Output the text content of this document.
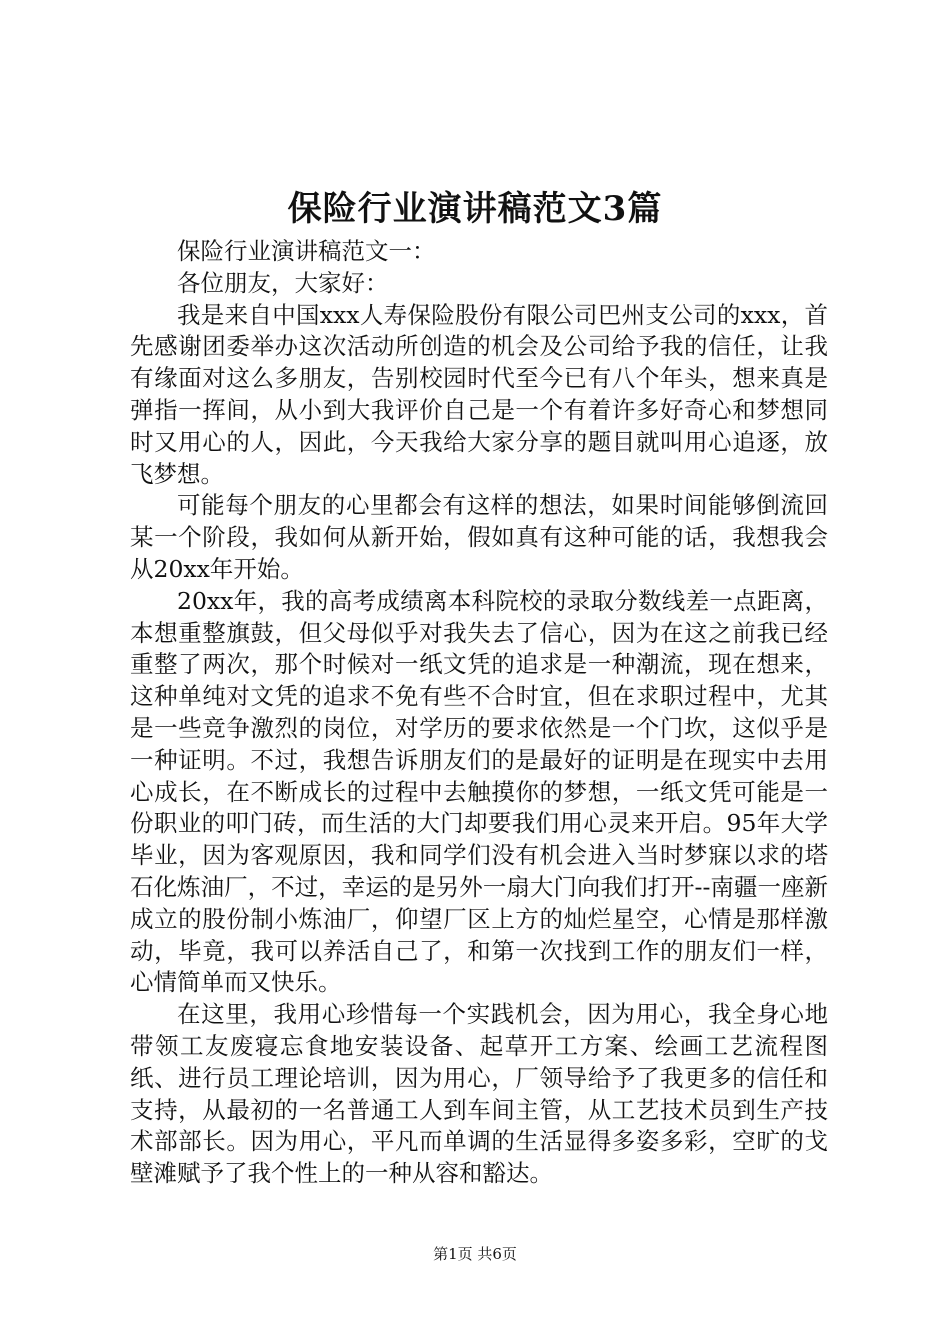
保险行业演讲稿范文3篇

保险行业演讲稿范文一：

各位朋友，大家好：

我是来自中国xxx人寿保险股份有限公司巴州支公司的xxx，首先感谢团委举办这次活动所创造的机会及公司给予我的信任，让我有缘面对这么多朋友，告别校园时代至今已有八个年头，想来真是弹指一挥间，从小到大我评价自己是一个有着许多好奇心和梦想同时又用心的人，因此，今天我给大家分享的题目就叫用心追逐，放飞梦想。

可能每个朋友的心里都会有这样的想法，如果时间能够倒流回某一个阶段，我如何从新开始，假如真有这种可能的话，我想我会从20xx年开始。

20xx年，我的高考成绩离本科院校的录取分数线差一点距离，本想重整旗鼓，但父母似乎对我失去了信心，因为在这之前我已经重整了两次，那个时候对一纸文凭的追求是一种潮流，现在想来，这种单纯对文凭的追求不免有些不合时宜，但在求职过程中，尤其是一些竞争激烈的岗位，对学历的要求依然是一个门坎，这似乎是一种证明。不过，我想告诉朋友们的是最好的证明是在现实中去用心成长，在不断成长的过程中去触摸你的梦想，一纸文凭可能是一份职业的叩门砖，而生活的大门却要我们用心灵来开启。95年大学毕业，因为客观原因，我和同学们没有机会进入当时梦寐以求的塔石化炼油厂，不过，幸运的是另外一扇大门向我们打开--南疆一座新成立的股份制小炼油厂，仰望厂区上方的灿烂星空，心情是那样激动，毕竟，我可以养活自己了，和第一次找到工作的朋友们一样，心情简单而又快乐。

在这里，我用心珍惜每一个实践机会，因为用心，我全身心地带领工友废寝忘食地安装设备、起草开工方案、绘画工艺流程图纸、进行员工理论培训，因为用心，厂领导给予了我更多的信任和支持，从最初的一名普通工人到车间主管，从工艺技术员到生产技术部部长。因为用心，平凡而单调的生活显得多姿多彩，空旷的戈壁滩赋予了我个性上的一种从容和豁达。

第1页 共6页
